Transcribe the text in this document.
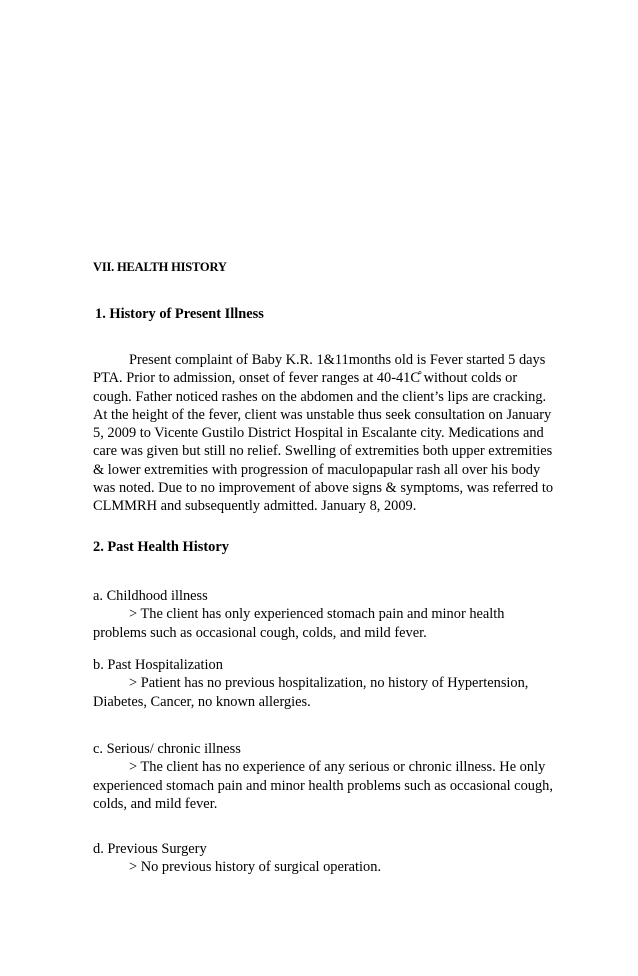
VII. HEALTH HISTORY
1. History of Present Illness

Present complaint of Baby K.R. 1&11months old is Fever started 5 days PTA. Prior to admission, onset of fever ranges at 40-41C̊ without colds or cough. Father noticed rashes on the abdomen and the client’s lips are cracking. At the height of the fever, client was unstable thus seek consultation on January 5, 2009 to Vicente Gustilo District Hospital in Escalante city. Medications and care was given but still no relief. Swelling of extremities both upper extremities & lower extremities with progression of maculopapular rash all over his body was noted. Due to no improvement of above signs & symptoms, was referred to CLMMRH and subsequently admitted. January 8, 2009.

2. Past Health History
a. Childhood illness
> The client has only experienced stomach pain and minor health problems such as occasional cough, colds, and mild fever.
b. Past Hospitalization
> Patient has no previous hospitalization, no history of Hypertension, Diabetes, Cancer, no known allergies.
c. Serious/ chronic illness
> The client has no experience of any serious or chronic illness. He only experienced stomach pain and minor health problems such as occasional cough, colds, and mild fever.
d. Previous Surgery
> No previous history of surgical operation.
